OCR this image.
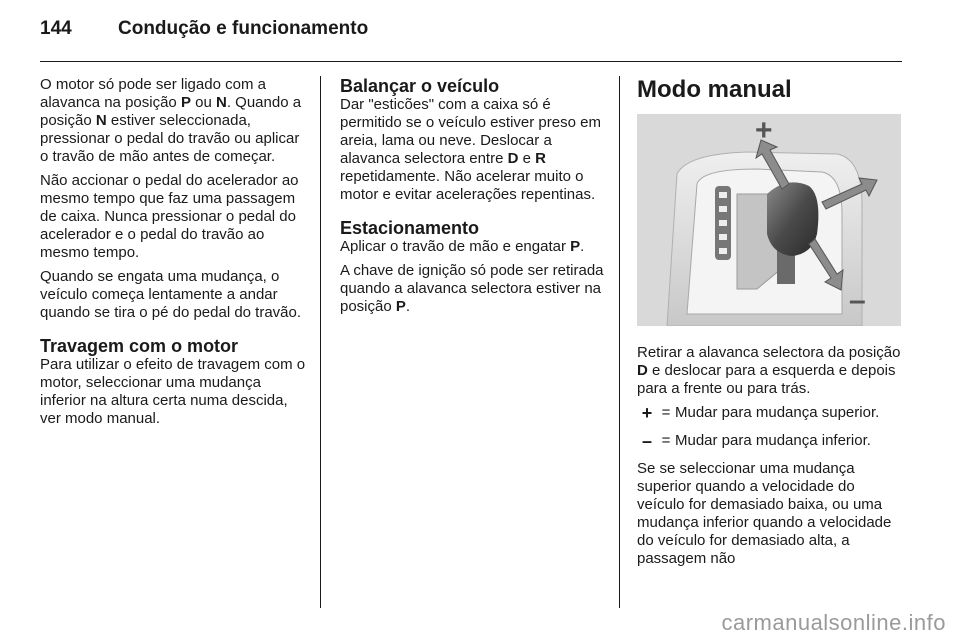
144 Condução e funcionamento

O motor só pode ser ligado com a alavanca na posição P ou N. Quando a posição N estiver seleccionada, pressionar o pedal do travão ou aplicar o travão de mão antes de começar.

Não accionar o pedal do acelerador ao mesmo tempo que faz uma passagem de caixa. Nunca pressionar o pedal do acelerador e o pedal do travão ao mesmo tempo.

Quando se engata uma mudança, o veículo começa lentamente a andar quando se tira o pé do pedal do travão.

Travagem com o motor

Para utilizar o efeito de travagem com o motor, seleccionar uma mudança inferior na altura certa numa descida, ver modo manual.

Balançar o veículo

Dar "esticões" com a caixa só é permitido se o veículo estiver preso em areia, lama ou neve. Deslocar a alavanca selectora entre D e R repetidamente. Não acelerar muito o motor e evitar acelerações repentinas.

Estacionamento

Aplicar o travão de mão e engatar P.

A chave de ignição só pode ser retirada quando a alavanca selectora estiver na posição P.

Modo manual
+
–

Retirar a alavanca selectora da posição D e deslocar para a esquerda e depois para a frente ou para trás.

+ = Mudar para mudança superior.
– = Mudar para mudança inferior.

Se se seleccionar uma mudança superior quando a velocidade do veículo for demasiado baixa, ou uma mudança inferior quando a velocidade do veículo for demasiado alta, a passagem não

carmanualsonline.info
